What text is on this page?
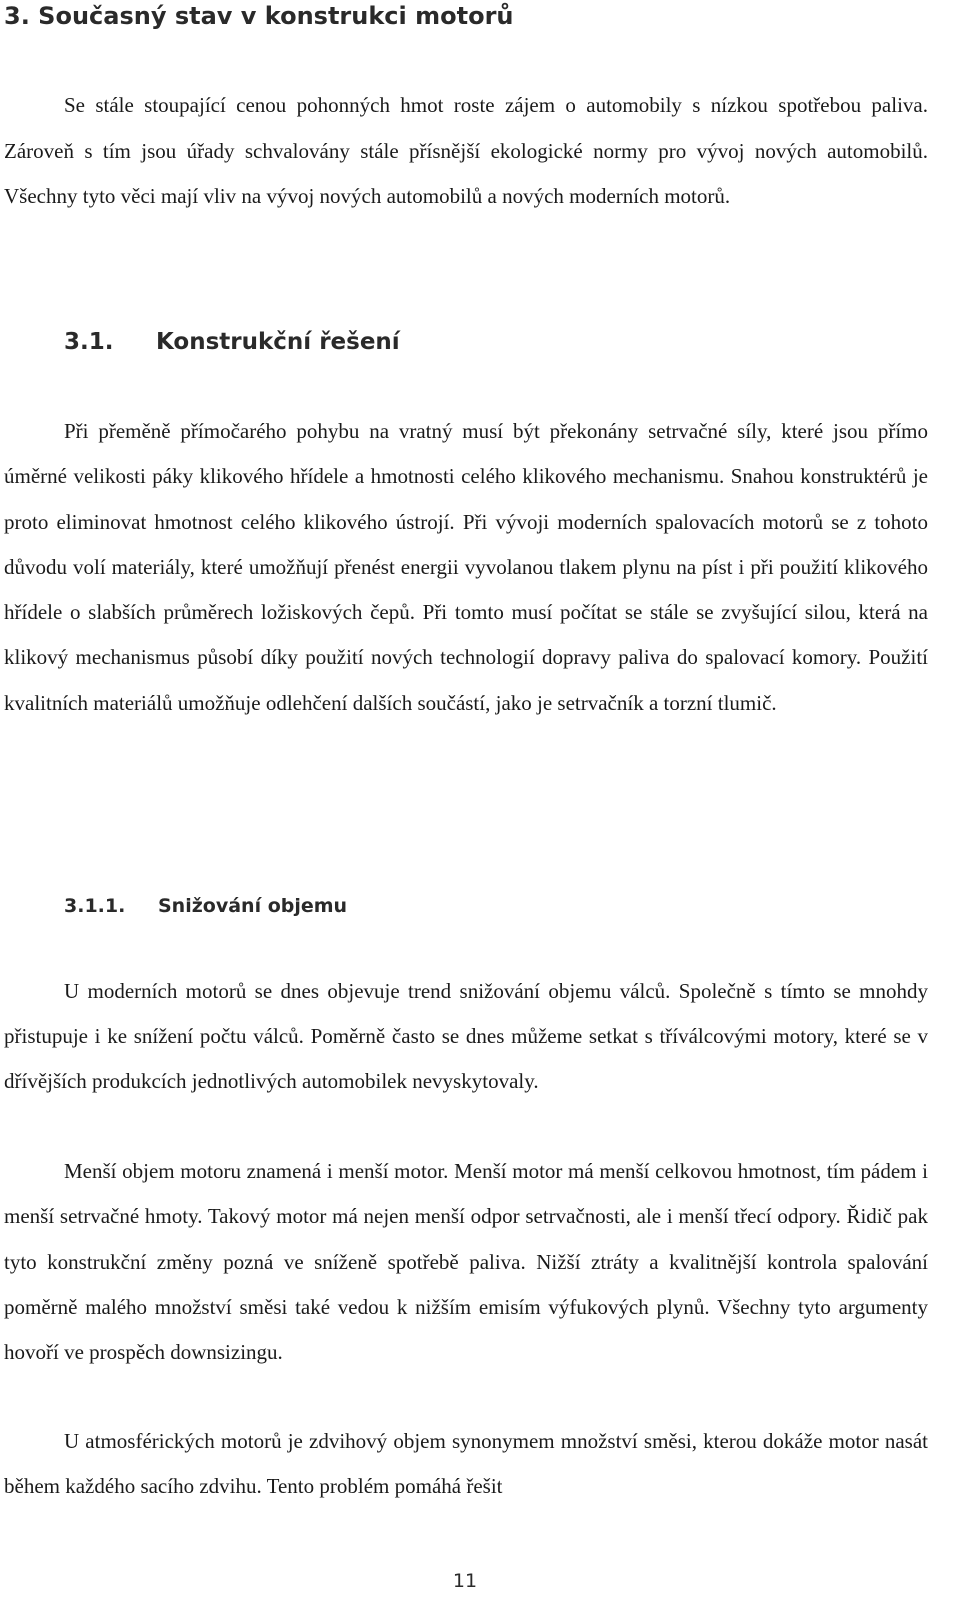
3. Současný stav v konstrukci motorů

Se stále stoupající cenou pohonných hmot roste zájem o automobily s nízkou spotřebou paliva. Zároveň s tím jsou úřady schvalovány stále přísnější ekologické normy pro vývoj nových automobilů. Všechny tyto věci mají vliv na vývoj nových automobilů a nových moderních motorů.

3.1. Konstrukční řešení

Při přeměně přímočarého pohybu na vratný musí být překonány setrvačné síly, které jsou přímo úměrné velikosti páky klikového hřídele a hmotnosti celého klikového mechanismu. Snahou konstruktérů je proto eliminovat hmotnost celého klikového ústrojí. Při vývoji moderních spalovacích motorů se z tohoto důvodu volí materiály, které umožňují přenést energii vyvolanou tlakem plynu na píst i při použití klikového hřídele o slabších průměrech ložiskových čepů. Při tomto musí počítat se stále se zvyšující silou, která na klikový mechanismus působí díky použití nových technologií dopravy paliva do spalovací komory. Použití kvalitních materiálů umožňuje odlehčení dalších součástí, jako je setrvačník a torzní tlumič.

3.1.1. Snižování objemu

U moderních motorů se dnes objevuje trend snižování objemu válců. Společně s tímto se mnohdy přistupuje i ke snížení počtu válců. Poměrně často se dnes můžeme setkat s tříválcovými motory, které se v dřívějších produkcích jednotlivých automobilek nevyskytovaly.

Menší objem motoru znamená i menší motor. Menší motor má menší celkovou hmotnost, tím pádem i menší setrvačné hmoty. Takový motor má nejen menší odpor setrvačnosti, ale i menší třecí odpory. Řidič pak tyto konstrukční změny pozná ve sníženě spotřebě paliva. Nižší ztráty a kvalitnější kontrola spalování poměrně malého množství směsi také vedou k nižším emisím výfukových plynů. Všechny tyto argumenty hovoří ve prospěch downsizingu.

U atmosférických motorů je zdvihový objem synonymem množství směsi, kterou dokáže motor nasát během každého sacího zdvihu. Tento problém pomáhá řešit

11
